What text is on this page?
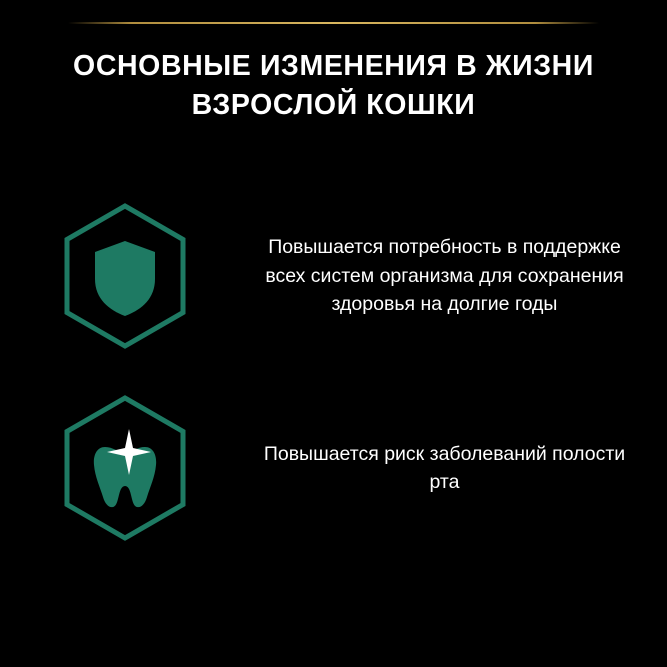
ОСНОВНЫЕ ИЗМЕНЕНИЯ В ЖИЗНИ ВЗРОСЛОЙ КОШКИ
Повышается потребность в поддержке всех систем организма для сохранения здоровья на долгие годы
Повышается риск заболеваний полости рта
